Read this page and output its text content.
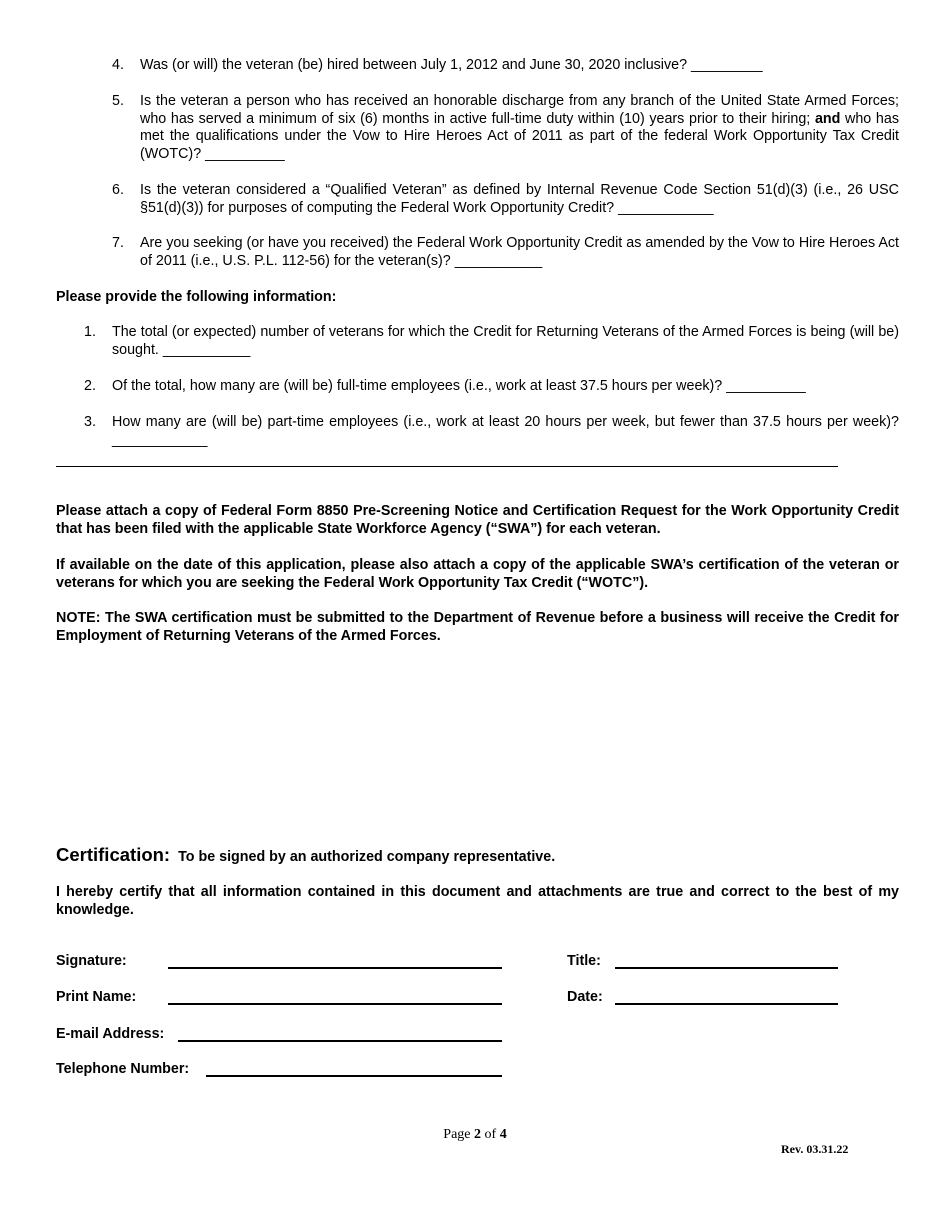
4. Was (or will) the veteran (be) hired between July 1, 2012 and June 30, 2020 inclusive? _________
5. Is the veteran a person who has received an honorable discharge from any branch of the United State Armed Forces; who has served a minimum of six (6) months in active full-time duty within (10) years prior to their hiring; and who has met the qualifications under the Vow to Hire Heroes Act of 2011 as part of the federal Work Opportunity Tax Credit (WOTC)? __________
6. Is the veteran considered a “Qualified Veteran” as defined by Internal Revenue Code Section 51(d)(3) (i.e., 26 USC §51(d)(3)) for purposes of computing the Federal Work Opportunity Credit? ____________
7. Are you seeking (or have you received) the Federal Work Opportunity Credit as amended by the Vow to Hire Heroes Act of 2011 (i.e., U.S. P.L. 112-56) for the veteran(s)? ___________
Please provide the following information:
1. The total (or expected) number of veterans for which the Credit for Returning Veterans of the Armed Forces is being (will be) sought. ___________
2. Of the total, how many are (will be) full-time employees (i.e., work at least 37.5 hours per week)? __________
3. How many are (will be) part-time employees (i.e., work at least 20 hours per week, but fewer than 37.5 hours per week)? ____________
Please attach a copy of Federal Form 8850 Pre-Screening Notice and Certification Request for the Work Opportunity Credit that has been filed with the applicable State Workforce Agency (“SWA”) for each veteran.
If available on the date of this application, please also attach a copy of the applicable SWA’s certification of the veteran or veterans for which you are seeking the Federal Work Opportunity Tax Credit (“WOTC”).
NOTE: The SWA certification must be submitted to the Department of Revenue before a business will receive the Credit for Employment of Returning Veterans of the Armed Forces.
Certification: To be signed by an authorized company representative.
I hereby certify that all information contained in this document and attachments are true and correct to the best of my knowledge.
Signature:
Print Name:
E-mail Address:
Telephone Number:
Title:
Date:
Page 2 of 4
Rev. 03.31.22
